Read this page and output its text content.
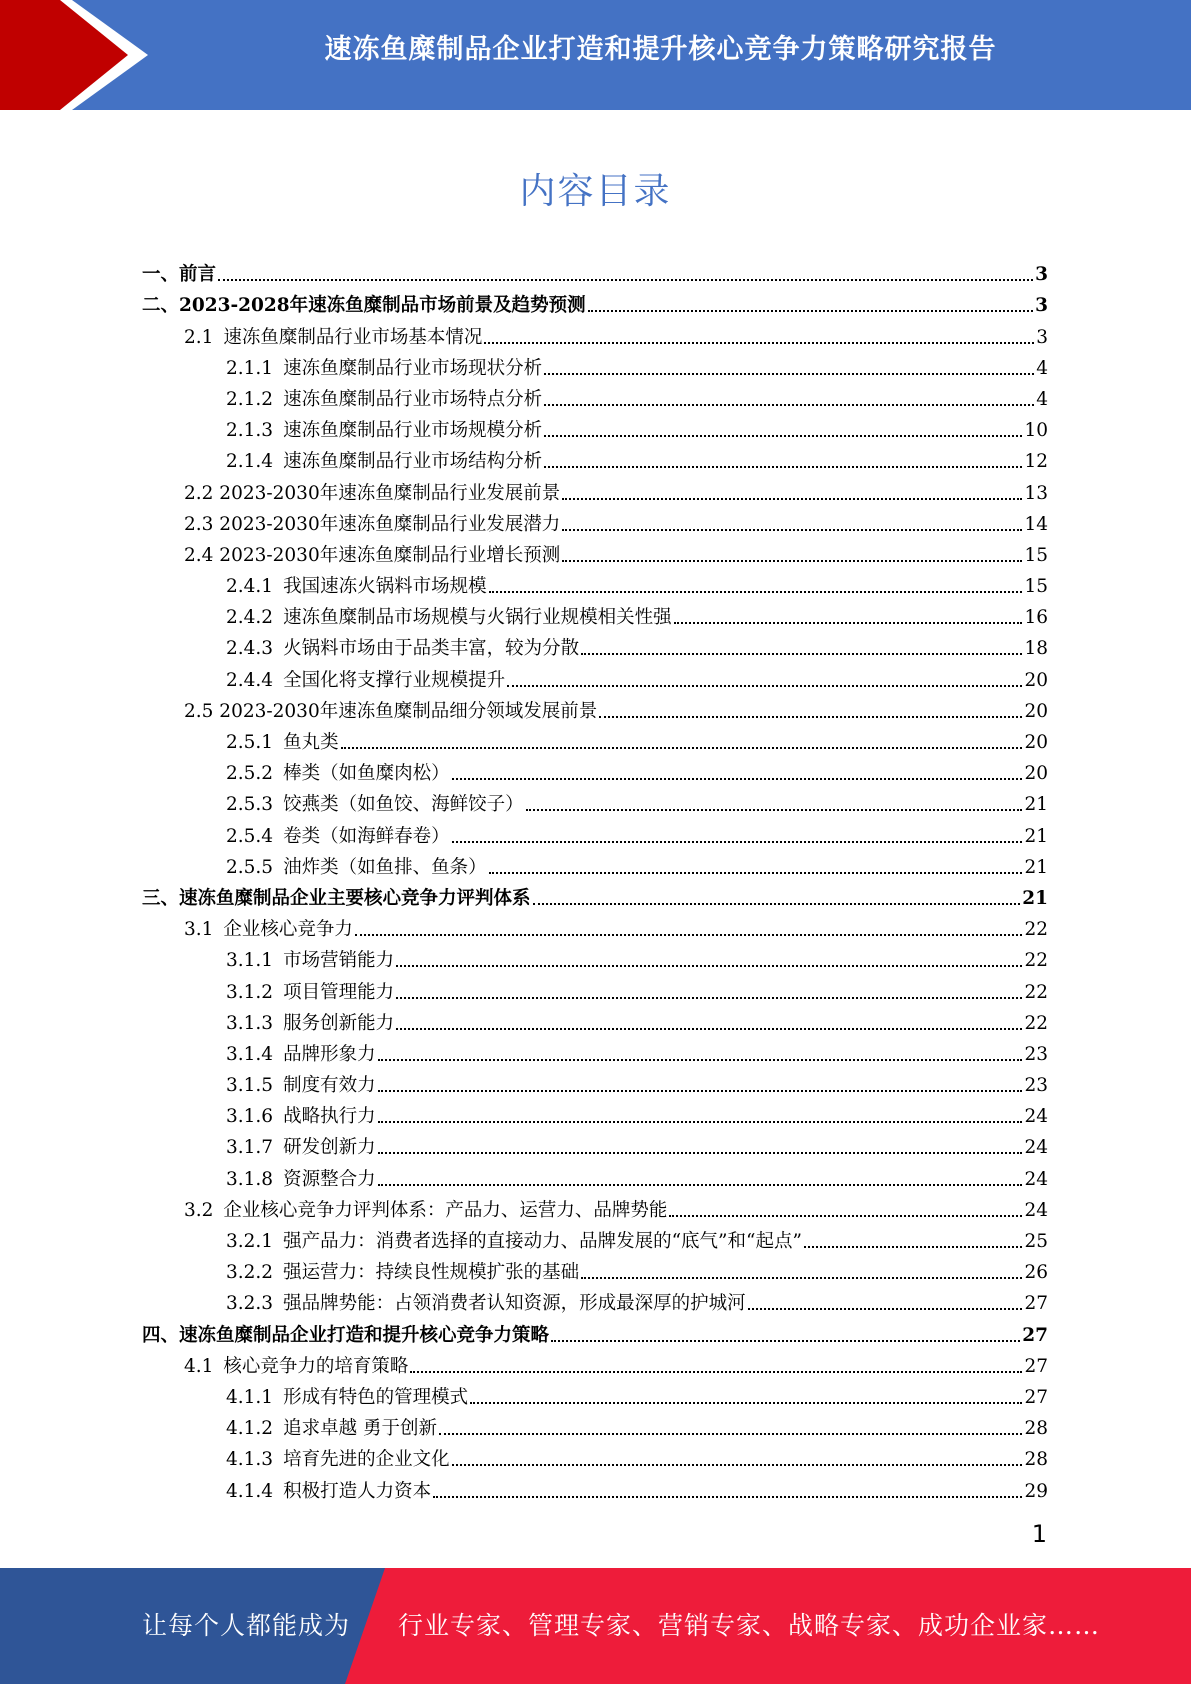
速冻鱼糜制品企业打造和提升核心竞争力策略研究报告
内容目录
一、前言	3
二、2023-2028年速冻鱼糜制品市场前景及趋势预测	3
2.1 速冻鱼糜制品行业市场基本情况	3
2.1.1 速冻鱼糜制品行业市场现状分析	4
2.1.2 速冻鱼糜制品行业市场特点分析	4
2.1.3 速冻鱼糜制品行业市场规模分析	10
2.1.4 速冻鱼糜制品行业市场结构分析	12
2.2 2023-2030年速冻鱼糜制品行业发展前景	13
2.3 2023-2030年速冻鱼糜制品行业发展潜力	14
2.4 2023-2030年速冻鱼糜制品行业增长预测	15
2.4.1 我国速冻火锅料市场规模	15
2.4.2 速冻鱼糜制品市场规模与火锅行业规模相关性强	16
2.4.3 火锅料市场由于品类丰富，较为分散	18
2.4.4 全国化将支撑行业规模提升	20
2.5 2023-2030年速冻鱼糜制品细分领域发展前景	20
2.5.1 鱼丸类	20
2.5.2 棒类（如鱼糜肉松）	20
2.5.3 饺燕类（如鱼饺、海鲜饺子）	21
2.5.4 卷类（如海鲜春卷）	21
2.5.5 油炸类（如鱼排、鱼条）	21
三、速冻鱼糜制品企业主要核心竞争力评判体系	21
3.1 企业核心竞争力	22
3.1.1 市场营销能力	22
3.1.2 项目管理能力	22
3.1.3 服务创新能力	22
3.1.4 品牌形象力	23
3.1.5 制度有效力	23
3.1.6 战略执行力	24
3.1.7 研发创新力	24
3.1.8 资源整合力	24
3.2 企业核心竞争力评判体系：产品力、运营力、品牌势能	24
3.2.1 强产品力：消费者选择的直接动力、品牌发展的“底气”和“起点”	25
3.2.2 强运营力：持续良性规模扩张的基础	26
3.2.3 强品牌势能：占领消费者认知资源，形成最深厚的护城河	27
四、速冻鱼糜制品企业打造和提升核心竞争力策略	27
4.1 核心竞争力的培育策略	27
4.1.1 形成有特色的管理模式	27
4.1.2 追求卓越 勇于创新	28
4.1.3 培育先进的企业文化	28
4.1.4 积极打造人力资本	29
1
让每个人都能成为 行业专家、管理专家、营销专家、战略专家、成功企业家……
